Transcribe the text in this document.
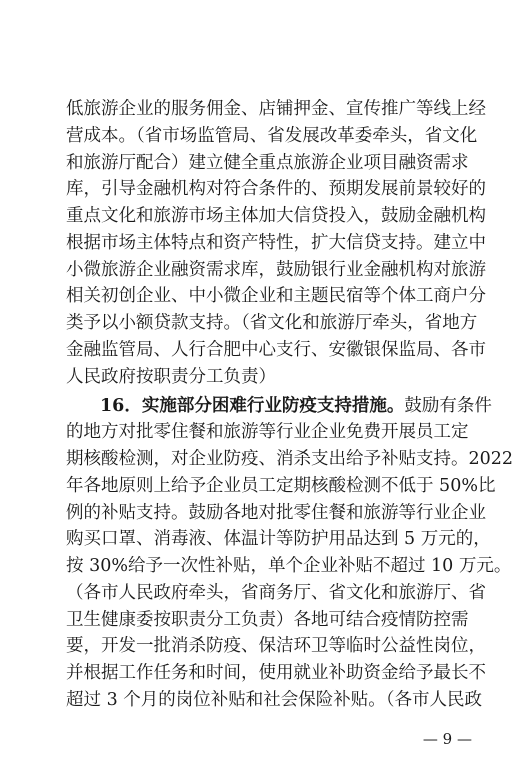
低旅游企业的服务佣金、店铺押金、宣传推广等线上经
营成本。（省市场监管局、省发展改革委牵头，省文化
和旅游厅配合）建立健全重点旅游企业项目融资需求
库，引导金融机构对符合条件的、预期发展前景较好的
重点文化和旅游市场主体加大信贷投入，鼓励金融机构
根据市场主体特点和资产特性，扩大信贷支持。建立中
小微旅游企业融资需求库，鼓励银行业金融机构对旅游
相关初创企业、中小微企业和主题民宿等个体工商户分
类予以小额贷款支持。（省文化和旅游厅牵头，省地方
金融监管局、人行合肥中心支行、安徽银保监局、各市
人民政府按职责分工负责）
16．实施部分困难行业防疫支持措施。鼓励有条件
的地方对批零住餐和旅游等行业企业免费开展员工定
期核酸检测，对企业防疫、消杀支出给予补贴支持。2022
年各地原则上给予企业员工定期核酸检测不低于 50%比
例的补贴支持。鼓励各地对批零住餐和旅游等行业企业
购买口罩、消毒液、体温计等防护用品达到 5 万元的，
按 30%给予一次性补贴，单个企业补贴不超过 10 万元。
（各市人民政府牵头，省商务厅、省文化和旅游厅、省
卫生健康委按职责分工负责）各地可结合疫情防控需
要，开发一批消杀防疫、保洁环卫等临时公益性岗位，
并根据工作任务和时间，使用就业补助资金给予最长不
超过 3 个月的岗位补贴和社会保险补贴。（各市人民政
— 9 —
